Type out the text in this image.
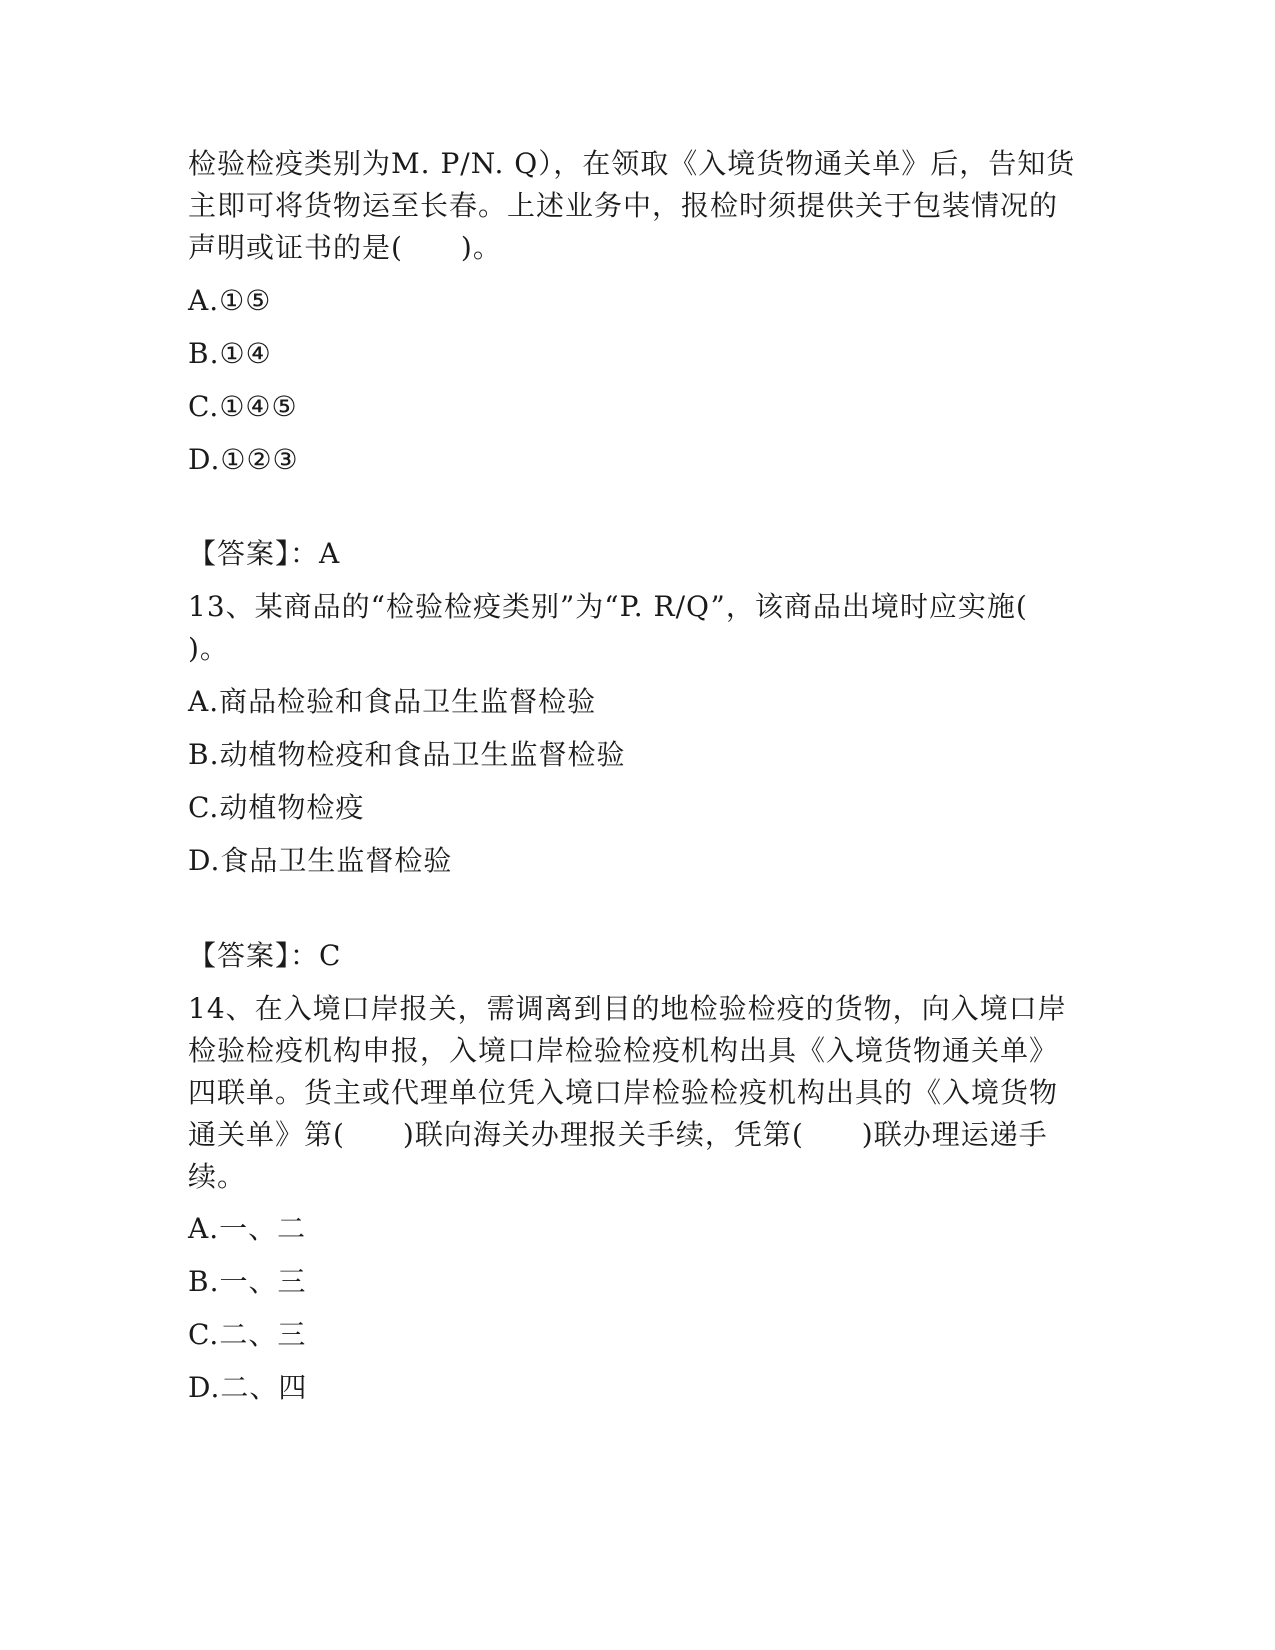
检验检疫类别为M. P/N. Q），在领取《入境货物通关单》后，告知货
主即可将货物运至长春。上述业务中，报检时须提供关于包装情况的
声明或证书的是(　　)。
A.①⑤
B.①④
C.①④⑤
D.①②③
【答案】：A
13、某商品的“检验检疫类别”为“P. R/Q”，该商品出境时应实施(
)。
A.商品检验和食品卫生监督检验
B.动植物检疫和食品卫生监督检验
C.动植物检疫
D.食品卫生监督检验
【答案】：C
14、在入境口岸报关，需调离到目的地检验检疫的货物，向入境口岸
检验检疫机构申报，入境口岸检验检疫机构出具《入境货物通关单》
四联单。货主或代理单位凭入境口岸检验检疫机构出具的《入境货物
通关单》第(　　)联向海关办理报关手续，凭第(　　)联办理运递手
续。
A.一、二
B.一、三
C.二、三
D.二、四
